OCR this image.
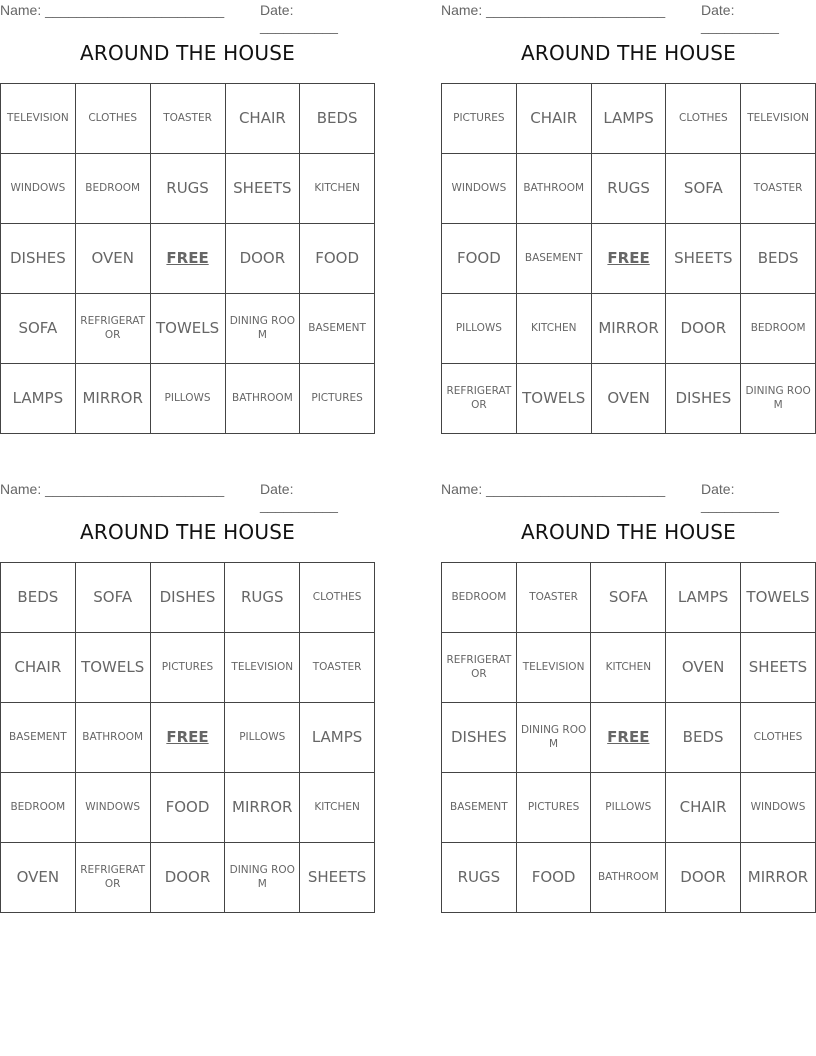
Name: _______________________	Date: __________
AROUND THE HOUSE
TELEVISION	CLOTHES	TOASTER	CHAIR	BEDS
WINDOWS	BEDROOM	RUGS	SHEETS	KITCHEN
DISHES	OVEN	FREE	DOOR	FOOD
SOFA	REFRIGERATOR	TOWELS	DINING ROOM	BASEMENT
LAMPS	MIRROR	PILLOWS	BATHROOM	PICTURES
Name: _______________________	Date: __________
AROUND THE HOUSE
PICTURES	CHAIR	LAMPS	CLOTHES	TELEVISION
WINDOWS	BATHROOM	RUGS	SOFA	TOASTER
FOOD	BASEMENT	FREE	SHEETS	BEDS
PILLOWS	KITCHEN	MIRROR	DOOR	BEDROOM
REFRIGERATOR	TOWELS	OVEN	DISHES	DINING ROOM
Name: _______________________	Date: __________
AROUND THE HOUSE
BEDS	SOFA	DISHES	RUGS	CLOTHES
CHAIR	TOWELS	PICTURES	TELEVISION	TOASTER
BASEMENT	BATHROOM	FREE	PILLOWS	LAMPS
BEDROOM	WINDOWS	FOOD	MIRROR	KITCHEN
OVEN	REFRIGERATOR	DOOR	DINING ROOM	SHEETS
Name: _______________________	Date: __________
AROUND THE HOUSE
BEDROOM	TOASTER	SOFA	LAMPS	TOWELS
REFRIGERATOR	TELEVISION	KITCHEN	OVEN	SHEETS
DISHES	DINING ROOM	FREE	BEDS	CLOTHES
BASEMENT	PICTURES	PILLOWS	CHAIR	WINDOWS
RUGS	FOOD	BATHROOM	DOOR	MIRROR
